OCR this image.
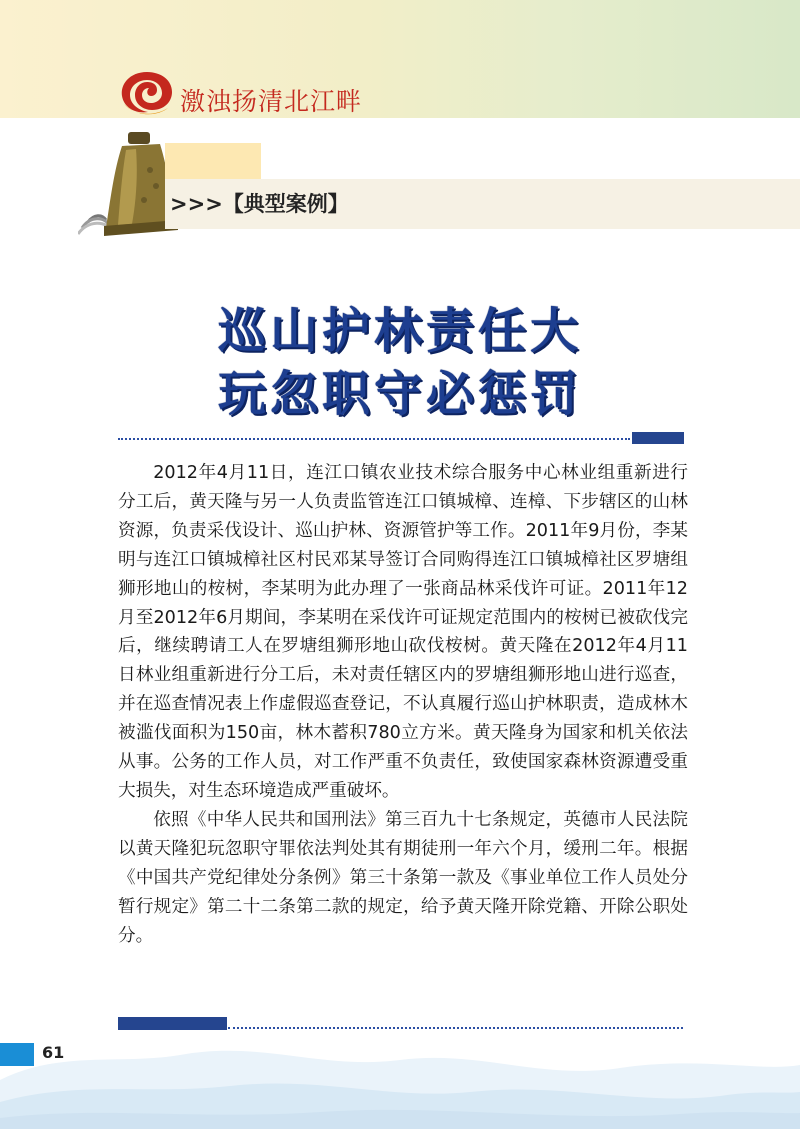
激浊扬清北江畔
>>>【典型案例】
巡山护林责任大
玩忽职守必惩罚

2012年4月11日，连江口镇农业技术综合服务中心林业组重新进行分工后，黄天隆与另一人负责监管连江口镇城樟、连樟、下步辖区的山林资源，负责采伐设计、巡山护林、资源管护等工作。2011年9月份，李某明与连江口镇城樟社区村民邓某导签订合同购得连江口镇城樟社区罗塘组狮形地山的桉树，李某明为此办理了一张商品林采伐许可证。2011年12月至2012年6月期间，李某明在采伐许可证规定范围内的桉树已被砍伐完后，继续聘请工人在罗塘组狮形地山砍伐桉树。黄天隆在2012年4月11日林业组重新进行分工后，未对责任辖区内的罗塘组狮形地山进行巡查，并在巡查情况表上作虚假巡查登记，不认真履行巡山护林职责，造成林木被滥伐面积为150亩，林木蓄积780立方米。黄天隆身为国家和机关依法从事。公务的工作人员，对工作严重不负责任，致使国家森林资源遭受重大损失，对生态环境造成严重破坏。

依照《中华人民共和国刑法》第三百九十七条规定，英德市人民法院以黄天隆犯玩忽职守罪依法判处其有期徒刑一年六个月，缓刑二年。根据《中国共产党纪律处分条例》第三十条第一款及《事业单位工作人员处分暂行规定》第二十二条第二款的规定，给予黄天隆开除党籍、开除公职处分。

61
